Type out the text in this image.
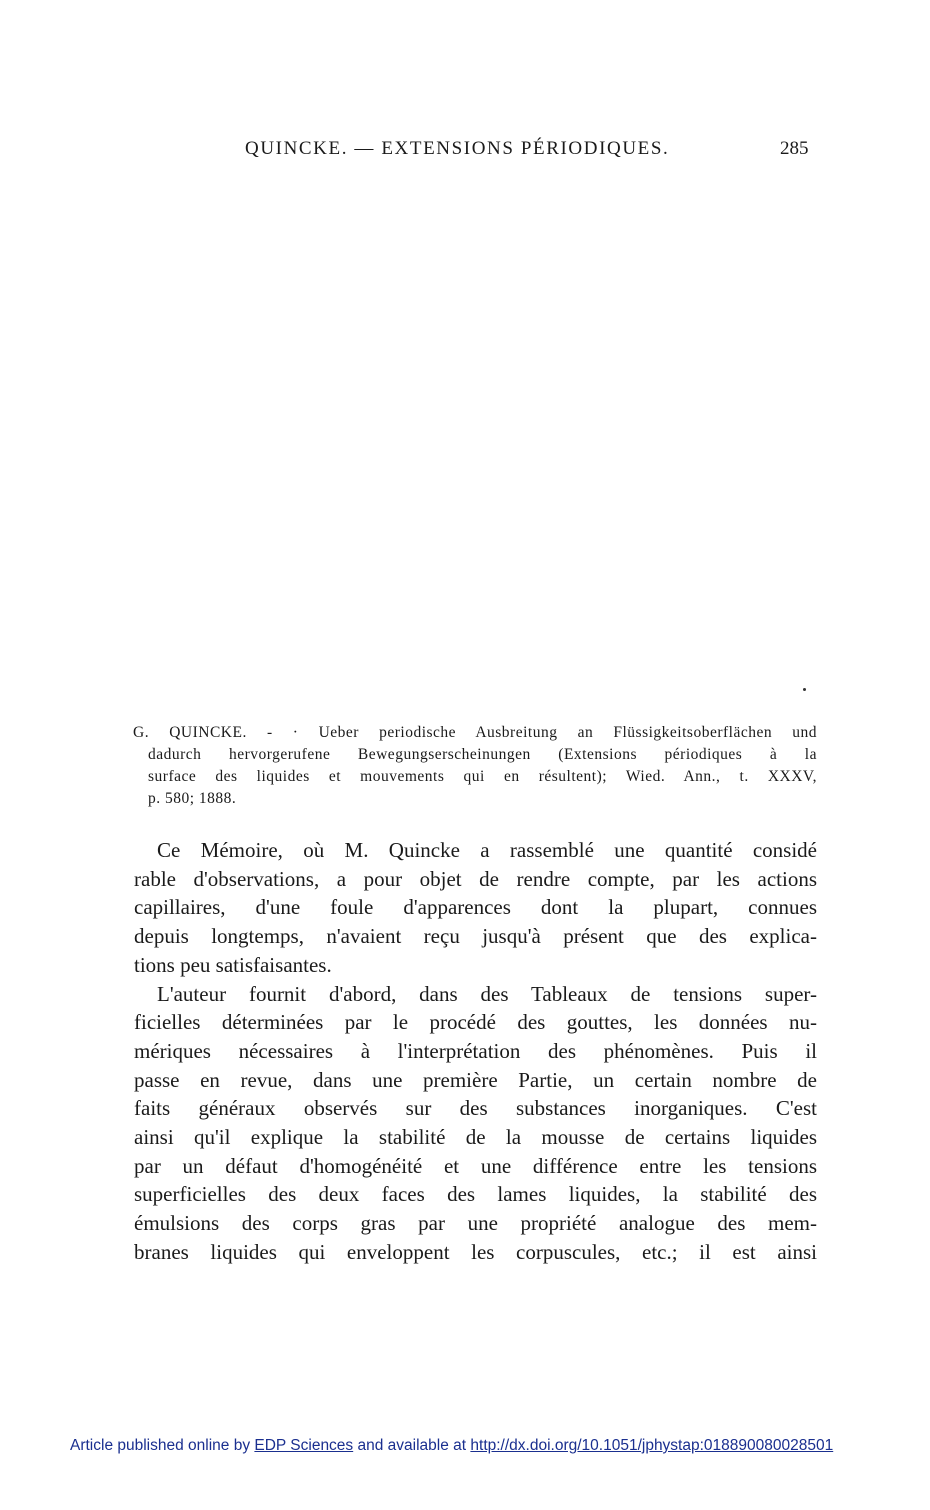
QUINCKE. — EXTENSIONS PÉRIODIQUES.	285
G. QUINCKE. - · Ueber periodische Ausbreitung an Flüssigkeitsoberflächen und
dadurch hervorgerufene Bewegungserscheinungen (Extensions périodiques à la
surface des liquides et mouvements qui en résultent); Wied. Ann., t. XXXV,
p. 580; 1888.
Ce Mémoire, où M. Quincke a rassemblé une quantité considé
rable d'observations, a pour objet de rendre compte, par les actions
capillaires, d'une foule d'apparences dont la plupart, connues
depuis longtemps, n'avaient reçu jusqu'à présent que des explica-
tions peu satisfaisantes.
L'auteur fournit d'abord, dans des Tableaux de tensions super-
ficielles déterminées par le procédé des gouttes, les données nu-
mériques nécessaires à l'interprétation des phénomènes. Puis il
passe en revue, dans une première Partie, un certain nombre de
faits généraux observés sur des substances inorganiques. C'est
ainsi qu'il explique la stabilité de la mousse de certains liquides
par un défaut d'homogénéité et une différence entre les tensions
superficielles des deux faces des lames liquides, la stabilité des
émulsions des corps gras par une propriété analogue des mem-
branes liquides qui enveloppent les corpuscules, etc.; il est ainsi
Article published online by EDP Sciences and available at http://dx.doi.org/10.1051/jphystap:018890080028501
